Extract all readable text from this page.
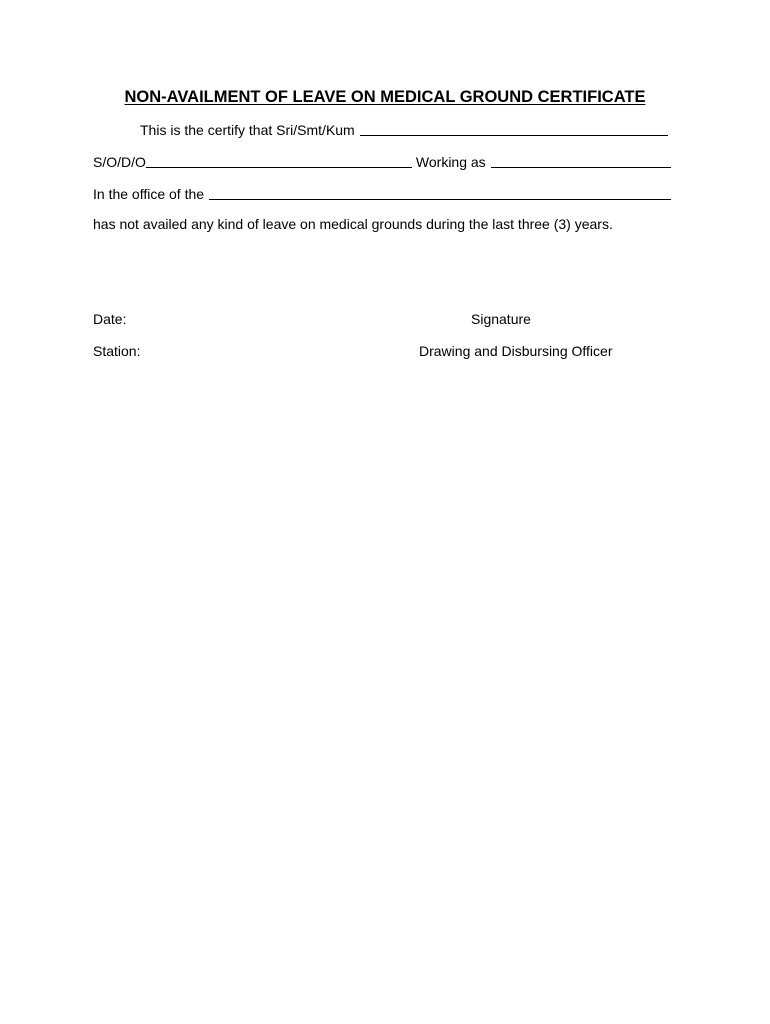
NON-AVAILMENT OF LEAVE ON MEDICAL GROUND CERTIFICATE
This is the certify that Sri/Smt/Kum
S/O/D/O	Working as
In the office of the
has not availed any kind of leave on medical grounds during the last three (3) years.
Date:
Station:
Signature
Drawing and Disbursing Officer
